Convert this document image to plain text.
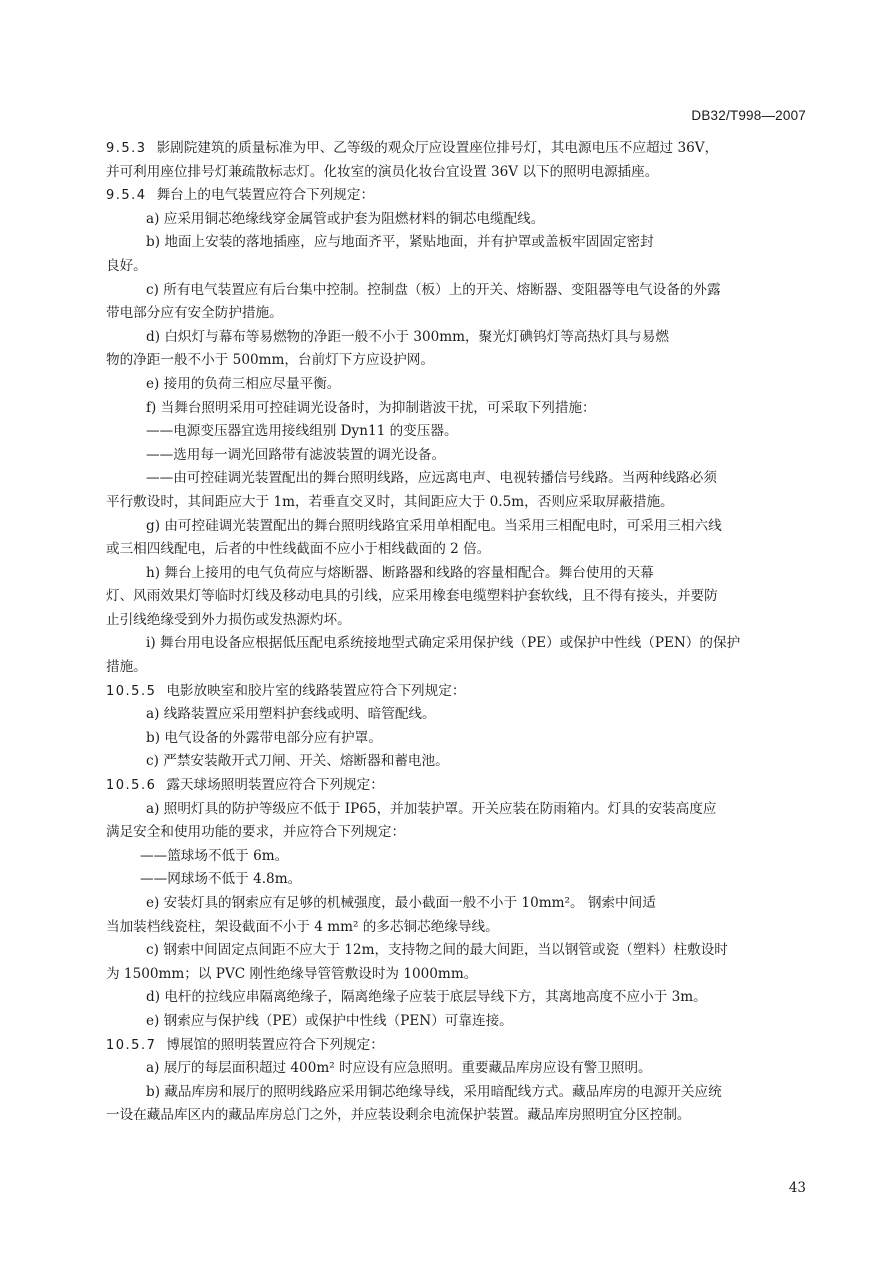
DB32/T998—2007
9.5.3 影剧院建筑的质量标准为甲、乙等级的观众厅应设置座位排号灯，其电源电压不应超过 36V，
并可利用座位排号灯兼疏散标志灯。化妆室的演员化妆台宜设置 36V 以下的照明电源插座。
9.5.4 舞台上的电气装置应符合下列规定：
a) 应采用铜芯绝缘线穿金属管或护套为阻燃材料的铜芯电缆配线。
b) 地面上安装的落地插座，应与地面齐平，紧贴地面，并有护罩或盖板牢固固定密封
良好。
c) 所有电气装置应有后台集中控制。控制盘（板）上的开关、熔断器、变阻器等电气设备的外露
带电部分应有安全防护措施。
d) 白炽灯与幕布等易燃物的净距一般不小于 300mm，聚光灯碘钨灯等高热灯具与易燃
物的净距一般不小于 500mm，台前灯下方应设护网。
e) 接用的负荷三相应尽量平衡。
f) 当舞台照明采用可控硅调光设备时，为抑制谐波干扰，可采取下列措施：
——电源变压器宜选用接线组别 Dyn11 的变压器。
——选用每一调光回路带有滤波装置的调光设备。
——由可控硅调光装置配出的舞台照明线路，应远离电声、电视转播信号线路。当两种线路必须
平行敷设时，其间距应大于 1m，若垂直交叉时，其间距应大于 0.5m，否则应采取屏蔽措施。
g) 由可控硅调光装置配出的舞台照明线路宜采用单相配电。当采用三相配电时，可采用三相六线
或三相四线配电，后者的中性线截面不应小于相线截面的 2 倍。
h) 舞台上接用的电气负荷应与熔断器、断路器和线路的容量相配合。舞台使用的天幕
灯、风雨效果灯等临时灯线及移动电具的引线，应采用橡套电缆塑料护套软线，且不得有接头，并要防
止引线绝缘受到外力损伤或发热源灼坏。
i) 舞台用电设备应根据低压配电系统接地型式确定采用保护线（PE）或保护中性线（PEN）的保护
措施。
10.5.5 电影放映室和胶片室的线路装置应符合下列规定：
a) 线路装置应采用塑料护套线或明、暗管配线。
b) 电气设备的外露带电部分应有护罩。
c) 严禁安装敞开式刀闸、开关、熔断器和蓄电池。
10.5.6 露天球场照明装置应符合下列规定：
a) 照明灯具的防护等级应不低于 IP65，并加装护罩。开关应装在防雨箱内。灯具的安装高度应
满足安全和使用功能的要求，并应符合下列规定：
——篮球场不低于 6m。
——网球场不低于 4.8m。
e) 安装灯具的钢索应有足够的机械强度，最小截面一般不小于 10mm²。 钢索中间适
当加装档线瓷柱，架设截面不小于 4 mm² 的多芯铜芯绝缘导线。
c) 钢索中间固定点间距不应大于 12m，支持物之间的最大间距，当以钢管或瓷（塑料）柱敷设时
为 1500mm；以 PVC 刚性绝缘导管管敷设时为 1000mm。
d) 电杆的拉线应串隔离绝缘子，隔离绝缘子应装于底层导线下方，其离地高度不应小于 3m。
e) 钢索应与保护线（PE）或保护中性线（PEN）可靠连接。
10.5.7 博展馆的照明装置应符合下列规定：
a) 展厅的每层面积超过 400m² 时应设有应急照明。重要藏品库房应设有警卫照明。
b) 藏品库房和展厅的照明线路应采用铜芯绝缘导线，采用暗配线方式。藏品库房的电源开关应统
一设在藏品库区内的藏品库房总门之外，并应装设剩余电流保护装置。藏品库房照明宜分区控制。
43
